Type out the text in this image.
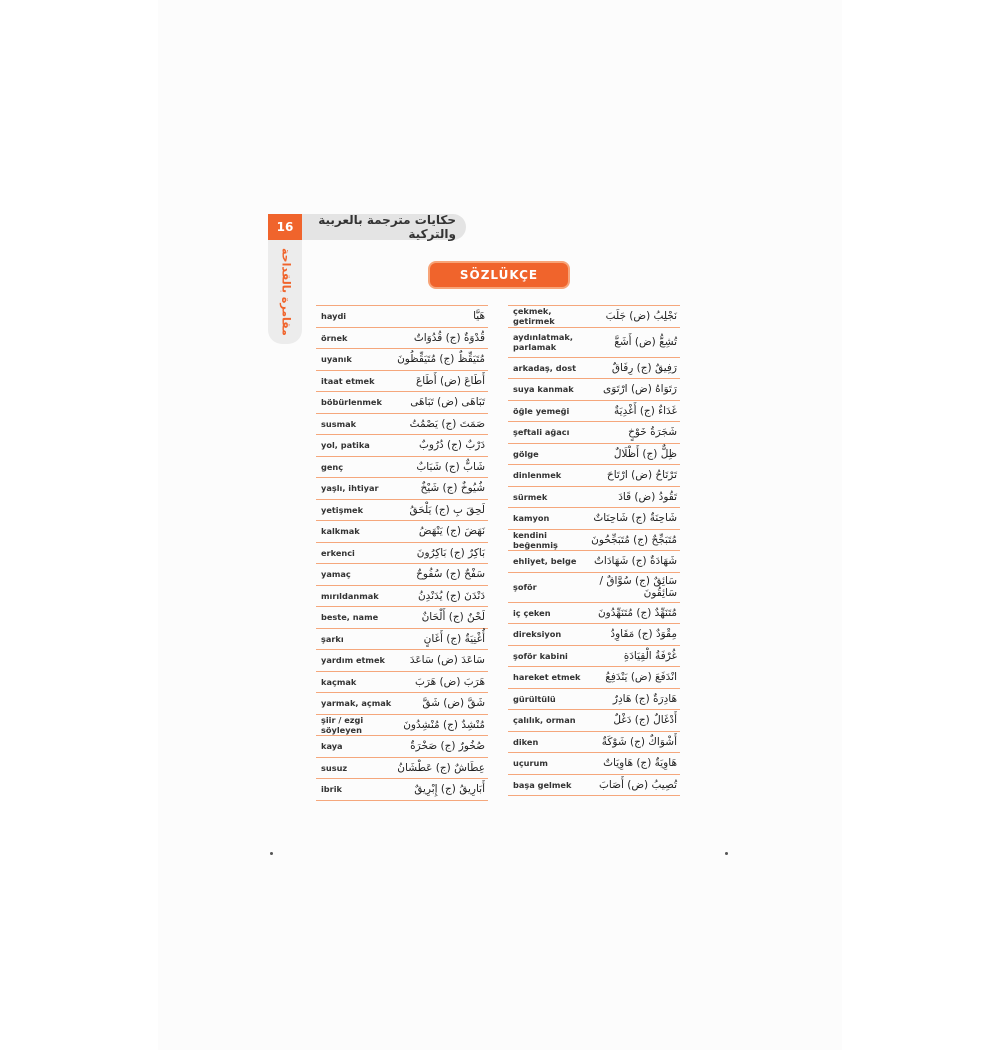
16	حكايات مترجمة بالعربية والتركية
مقامرة بالقداحة	SÖZLÜKÇE
haydi	هَيَّا
örnek	قُدْوَةٌ (ج) قُدُوَاتٌ
uyanık	مُتَيَقِّظٌ (ج) مُتَيَقِّظُونَ
itaat etmek	أَطَاعَ (ض) أَطَاعَ
böbürlenmek	تَبَاهَى (ض) تَبَاهَى
susmak	صَمَتَ (ج) يَصْمُتُ
yol, patika	دَرْبٌ (ج) دُرُوبٌ
genç	شَابٌّ (ج) شَبَابٌ
yaşlı, ihtiyar	شُيُوخٌ (ج) شَيْخٌ
yetişmek	لَحِقَ بِ (ج) يَلْحَقُ
kalkmak	نَهَضَ (ج) يَنْهَضُ
erkenci	بَاكِرٌ (ج) بَاكِرُونَ
yamaç	سَفْحٌ (ج) سُفُوحٌ
mırıldanmak	دَنْدَنَ (ج) يُدَنْدِنُ
beste, name	لَحْنٌ (ج) أَلْحَانٌ
şarkı	أُغْنِيَةٌ (ج) أَغَانٍ
yardım etmek سَاعَدَ (ض) سَاعَدَ
kaçmak	هَرَبَ (ض) هَرَبَ
yarmak, açmak	شَقَّ (ض) شَقَّ
şiir / ezgi söyleyen	مُنْشِدٌ (ج) مُنْشِدُونَ
kaya	صُخُورٌ (ج) صَخْرَةٌ
susuz	عِطَاشٌ (ج) عَطْشَانُ
ibrik	أَبَارِيقُ (ج) إِبْرِيقٌ
çekmek, getirmek	نَجْلِبُ (ض) جَلَبَ
aydınlatmak, parlamak	تُشِعُّ (ض) أَشَعَّ
arkadaş, dost	رَفِيقٌ (ج) رِفَاقٌ
suya kanmak	رَتَوَاهُ (ض) ارْتَوَى
öğle yemeği	غَدَاءٌ (ج) أَغْدِيَةٌ
şeftali ağacı	شَجَرَةُ خَوْخٍ
gölge	ظِلٌّ (ج) أَظْلَالٌ
dinlenmek	تَرْتَاحُ (ض) ارْتَاحَ
sürmek	تَقُودُ (ض) قَادَ
kamyon	شَاحِنَةٌ (ج) شَاحِنَاتٌ
kendini beğenmiş	مُتَبَجِّحٌ (ج) مُتَبَجِّحُونَ
ehliyet, belge شَهَادَةٌ (ج) شَهَادَاتٌ
şoför	سَائِقٌ (ج) سُوَّاقٌ / سَائِقُونَ
iç çeken	مُتَنَهِّدٌ (ج) مُتَنَهِّدُونَ
direksiyon	مِقْوَدٌ (ج) مَقَاوِدُ
şoför kabini	غُرْفَةُ الْقِيَادَةِ
hareket etmek انْدَفَعَ (ض) يَنْدَفِعُ
gürültülü	هَادِرَةٌ (ج) هَادِرٌ
çalılık, orman	أَدْغَالٌ (ج) دَغْلٌ
diken	أَشْوَاكٌ (ج) شَوْكَةٌ
uçurum	هَاوِيَةٌ (ج) هَاوِيَاتٌ
başa gelmek	تُصِيبُ (ض) أَصَابَ
